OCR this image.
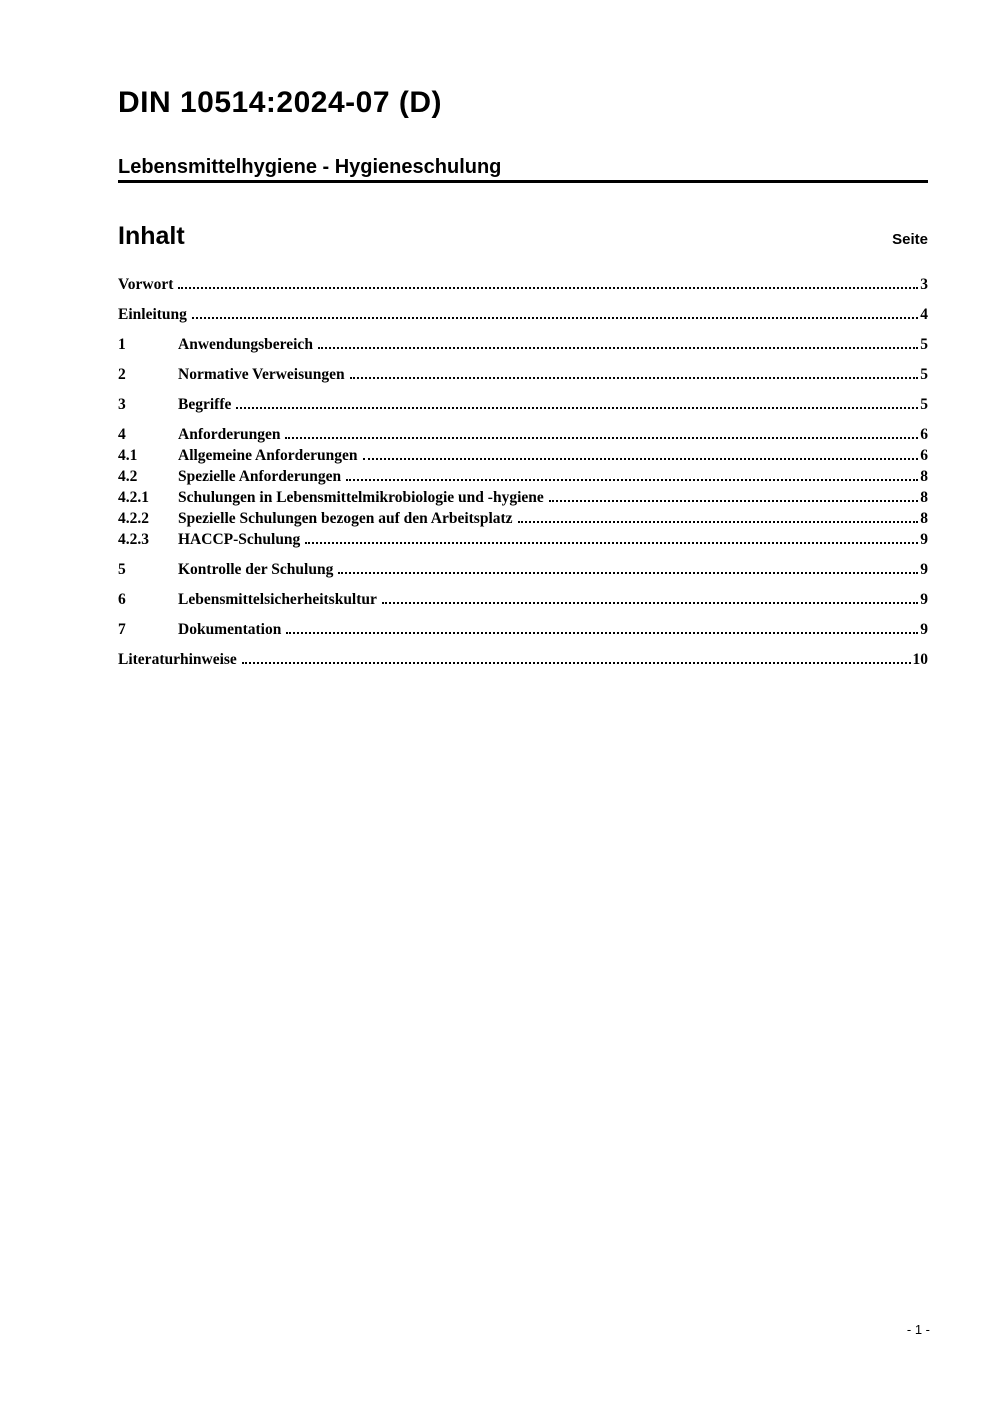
DIN 10514:2024-07 (D)
Lebensmittelhygiene - Hygieneschulung
Inhalt	Seite
Vorwort	3
Einleitung	4
1	Anwendungsbereich	5
2	Normative Verweisungen	5
3	Begriffe	5
4	Anforderungen	6
4.1	Allgemeine Anforderungen	6
4.2	Spezielle Anforderungen	8
4.2.1	Schulungen in Lebensmittelmikrobiologie und -hygiene	8
4.2.2	Spezielle Schulungen bezogen auf den Arbeitsplatz	8
4.2.3	HACCP-Schulung	9
5	Kontrolle der Schulung	9
6	Lebensmittelsicherheitskultur	9
7	Dokumentation	9
Literaturhinweise	10
- 1 -
